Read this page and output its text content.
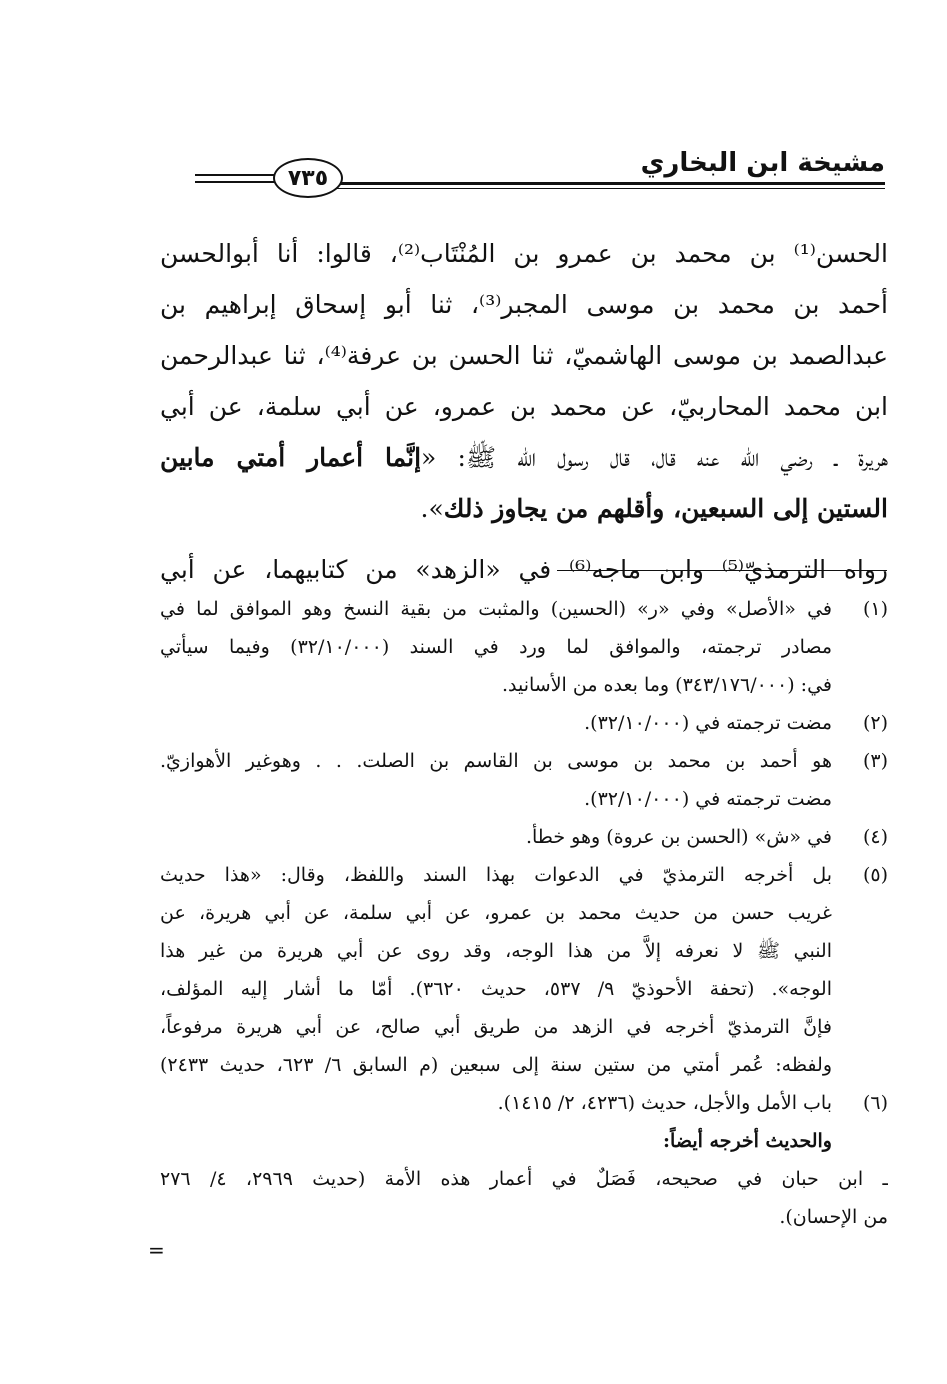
مشيخة ابن البخاري
٧٣٥
الحسن⁽¹⁾ بن محمد بن عمرو بن المُنْتَاب⁽²⁾، قالوا: أنا أبوالحسن
أحمد بن محمد بن موسى المجبر⁽³⁾، ثنا أبو إسحاق إبراهيم بن
عبدالصمد بن موسى الهاشميّ، ثنا الحسن بن عرفة⁽⁴⁾، ثنا عبدالرحمن
ابن محمد المحاربيّ، عن محمد بن عمرو، عن أبي سلمة، عن أبي
هريرة ـ رضي الله عنه قال، قال رسول الله ﷺ: «إنَّما أعمار أمتي مابين
الستين إلى السبعين، وأقلهم من يجاوز ذلك».
رواه الترمذيّ⁽⁵⁾ وابن ماجه⁽⁶⁾ في «الزهد» من كتابيهما، عن أبي
(١)
في «الأصل» وفي «ر» (الحسين) والمثبت من بقية النسخ وهو الموافق لما في
مصادر ترجمته، والموافق لما ورد في السند (٣٢/١٠/٠٠٠) وفيما سيأتي
في: (٣٤٣/١٧٦/٠٠٠) وما بعده من الأسانيد.
(٢)
مضت ترجمته في (٣٢/١٠/٠٠٠).
(٣)
هو أحمد بن محمد بن موسى بن القاسم بن الصلت. . . وهوغير الأهوازيّ.
مضت ترجمته في (٣٢/١٠/٠٠٠).
(٤)
في «ش» (الحسن بن عروة) وهو خطأ.
(٥)
بل أخرجه الترمذيّ في الدعوات بهذا السند واللفظ، وقال: «هذا حديث
غريب حسن من حديث محمد بن عمرو، عن أبي سلمة، عن أبي هريرة، عن
النبي ﷺ لا نعرفه إلاَّ من هذا الوجه، وقد روى عن أبي هريرة من غير هذا
الوجه». (تحفة الأحوذيّ ٩/ ٥٣٧، حديث ٣٦٢٠). أمّا ما أشار إليه المؤلف،
فإنَّ الترمذيّ أخرجه في الزهد من طريق أبي صالح، عن أبي هريرة مرفوعاً،
ولفظه: عُمر أمتي من ستين سنة إلى سبعين (م السابق ٦/ ٦٢٣، حديث ٢٤٣٣)
(٦)
باب الأمل والأجل، حديث (٤٢٣٦، ٢/ ١٤١٥).
والحديث أخرجه أيضاً:
ـ ابن حبان في صحيحه، فَصَلٌ في أعمار هذه الأمة (حديث ٢٩٦٩، ٤/ ٢٧٦
من الإحسان).
=
